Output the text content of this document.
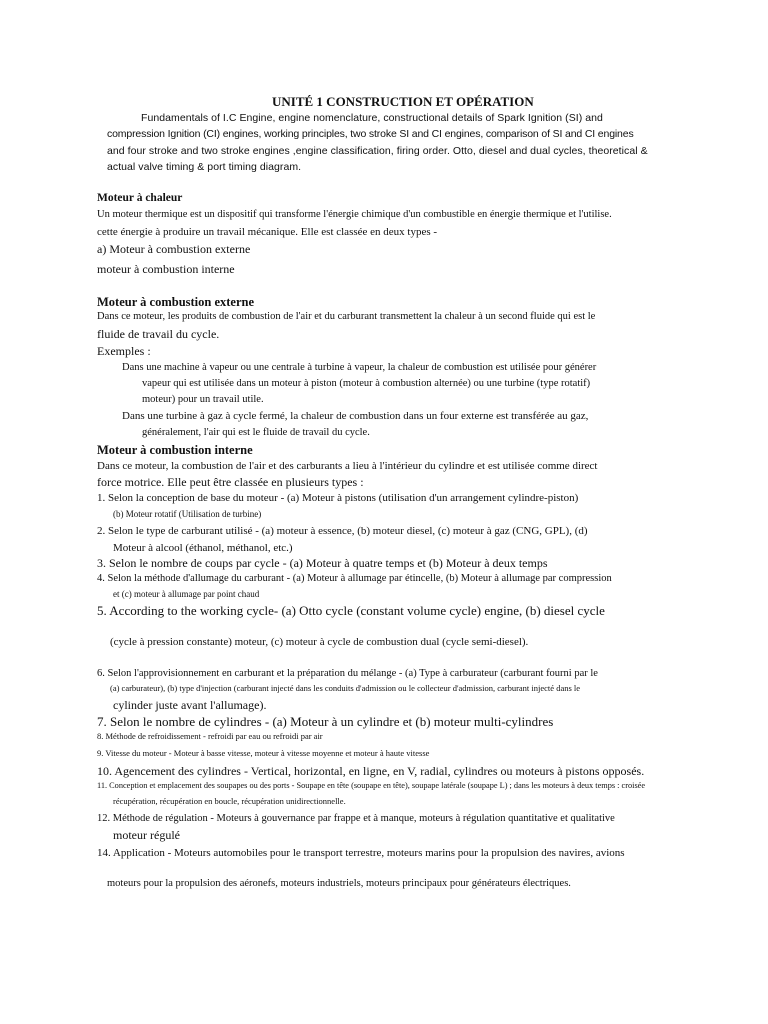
UNITÉ 1 CONSTRUCTION ET OPÉRATION
Fundamentals of I.C Engine, engine nomenclature, constructional details of Spark Ignition (SI) and
compression Ignition (CI) engines, working principles, two stroke SI and CI engines, comparison of SI and CI engines
and four stroke and two stroke engines ,engine classification, firing order. Otto, diesel and dual cycles, theoretical &
actual valve timing & port timing diagram.
Moteur à chaleur
Un moteur thermique est un dispositif qui transforme l'énergie chimique d'un combustible en énergie thermique et l'utilise.
cette énergie à produire un travail mécanique. Elle est classée en deux types -
a) Moteur à combustion externe
moteur à combustion interne
Moteur à combustion externe
Dans ce moteur, les produits de combustion de l'air et du carburant transmettent la chaleur à un second fluide qui est le
fluide de travail du cycle.
Exemples :
Dans une machine à vapeur ou une centrale à turbine à vapeur, la chaleur de combustion est utilisée pour générer
vapeur qui est utilisée dans un moteur à piston (moteur à combustion alternée) ou une turbine (type rotatif)
moteur) pour un travail utile.
Dans une turbine à gaz à cycle fermé, la chaleur de combustion dans un four externe est transférée au gaz,
généralement, l'air qui est le fluide de travail du cycle.
Moteur à combustion interne
Dans ce moteur, la combustion de l'air et des carburants a lieu à l'intérieur du cylindre et est utilisée comme direct
force motrice. Elle peut être classée en plusieurs types :
1. Selon la conception de base du moteur - (a) Moteur à pistons (utilisation d'un arrangement cylindre-piston)
(b) Moteur rotatif (Utilisation de turbine)
2. Selon le type de carburant utilisé - (a) moteur à essence, (b) moteur diesel, (c) moteur à gaz (CNG, GPL), (d)
Moteur à alcool (éthanol, méthanol, etc.)
3. Selon le nombre de coups par cycle - (a) Moteur à quatre temps et (b) Moteur à deux temps
4. Selon la méthode d'allumage du carburant - (a) Moteur à allumage par étincelle, (b) Moteur à allumage par compression
et (c) moteur à allumage par point chaud
5. According to the working cycle- (a) Otto cycle (constant volume cycle) engine, (b) diesel cycle
(cycle à pression constante) moteur, (c) moteur à cycle de combustion dual (cycle semi-diesel).
6. Selon l'approvisionnement en carburant et la préparation du mélange - (a) Type à carburateur (carburant fourni par le
(a) carburateur), (b) type d'injection (carburant injecté dans les conduits d'admission ou le collecteur d'admission, carburant injecté dans le
cylinder juste avant l'allumage).
7. Selon le nombre de cylindres - (a) Moteur à un cylindre et (b) moteur multi-cylindres
8. Méthode de refroidissement - refroidi par eau ou refroidi par air
9. Vitesse du moteur - Moteur à basse vitesse, moteur à vitesse moyenne et moteur à haute vitesse
10. Agencement des cylindres - Vertical, horizontal, en ligne, en V, radial, cylindres ou moteurs à pistons opposés.
11. Conception et emplacement des soupapes ou des ports - Soupape en tête (soupape en tête), soupape latérale (soupape L) ; dans les moteurs à deux temps : croisée
récupération, récupération en boucle, récupération unidirectionnelle.
12. Méthode de régulation - Moteurs à gouvernance par frappe et à manque, moteurs à régulation quantitative et qualitative
moteur régulé
14. Application - Moteurs automobiles pour le transport terrestre, moteurs marins pour la propulsion des navires, avions
moteurs pour la propulsion des aéronefs, moteurs industriels, moteurs principaux pour générateurs électriques.
